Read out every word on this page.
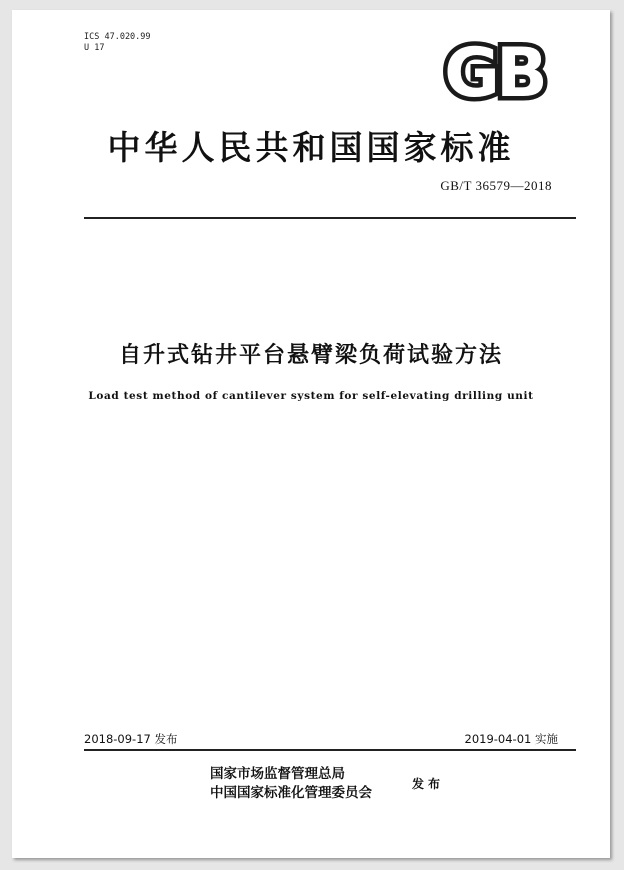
ICS 47.020.99
U 17	GB
中华人民共和国国家标准
GB/T 36579—2018
自升式钻井平台悬臂梁负荷试验方法
Load test method of cantilever system for self-elevating drilling unit
2018-09-17 发布	2019-04-01 实施
国家市场监督管理总局
中国国家标准化管理委员会
发布
